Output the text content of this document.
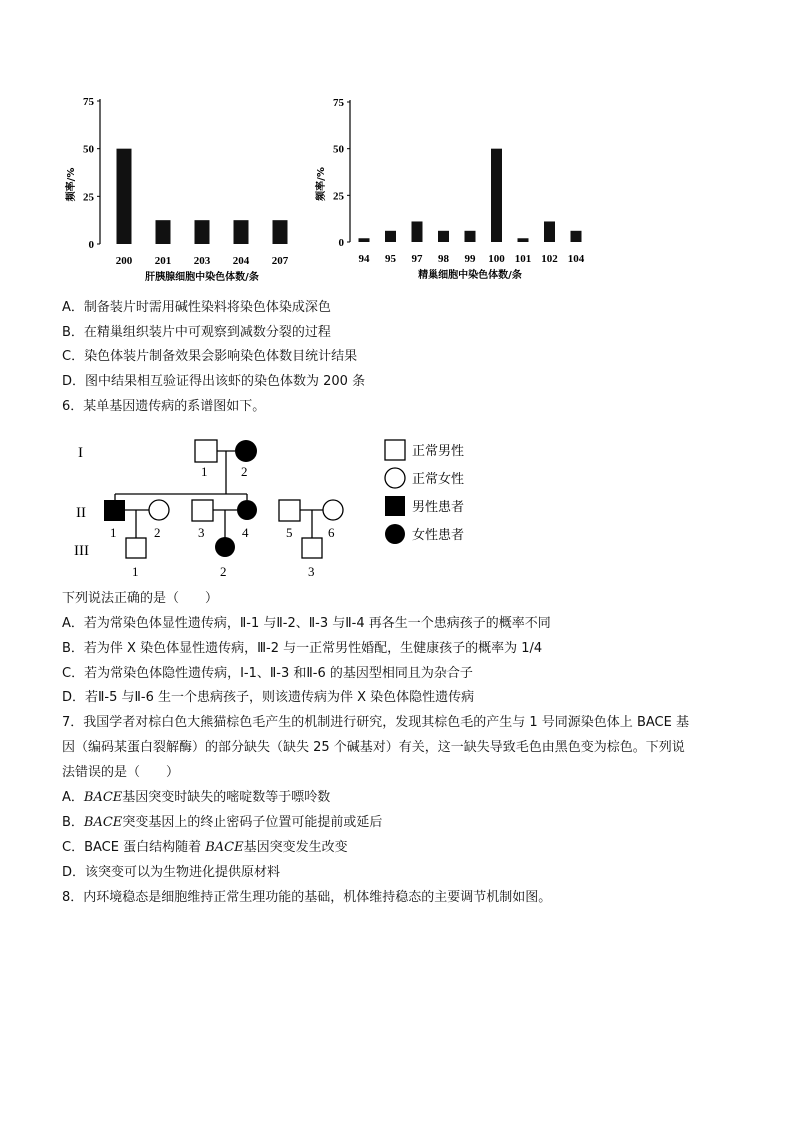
75
50
25
0
频率/%
200 201 203 204 207
肝胰腺细胞中染色体数/条
75
50
25
0
频率/%
94 95 97 98 99 100 101 102 104
精巢细胞中染色体数/条
A．制备装片时需用碱性染料将染色体染成深色
B．在精巢组织装片中可观察到减数分裂的过程
C．染色体装片制备效果会影响染色体数目统计结果
D．图中结果相互验证得出该虾的染色体数为 200 条
6．某单基因遗传病的系谱图如下。
I
II
III
1	2
1	2	3	4	5	6
1	2	3
正常男性
正常女性
男性患者
女性患者
下列说法正确的是（　　）
A．若为常染色体显性遗传病，Ⅱ-1 与Ⅱ-2、Ⅱ-3 与Ⅱ-4 再各生一个患病孩子的概率不同
B．若为伴 X 染色体显性遗传病，Ⅲ-2 与一正常男性婚配，生健康孩子的概率为 1/4
C．若为常染色体隐性遗传病，Ⅰ-1、Ⅱ-3 和Ⅱ-6 的基因型相同且为杂合子
D．若Ⅱ-5 与Ⅱ-6 生一个患病孩子，则该遗传病为伴 X 染色体隐性遗传病
7．我国学者对棕白色大熊猫棕色毛产生的机制进行研究，发现其棕色毛的产生与 1 号同源染色体上 BACE 基
因（编码某蛋白裂解酶）的部分缺失（缺失 25 个碱基对）有关，这一缺失导致毛色由黑色变为棕色。下列说
法错误的是（　　）
A．BACE基因突变时缺失的嘧啶数等于嘌呤数
B．BACE突变基因上的终止密码子位置可能提前或延后
C．BACE 蛋白结构随着 BACE基因突变发生改变
D．该突变可以为生物进化提供原材料
8．内环境稳态是细胞维持正常生理功能的基础，机体维持稳态的主要调节机制如图。
